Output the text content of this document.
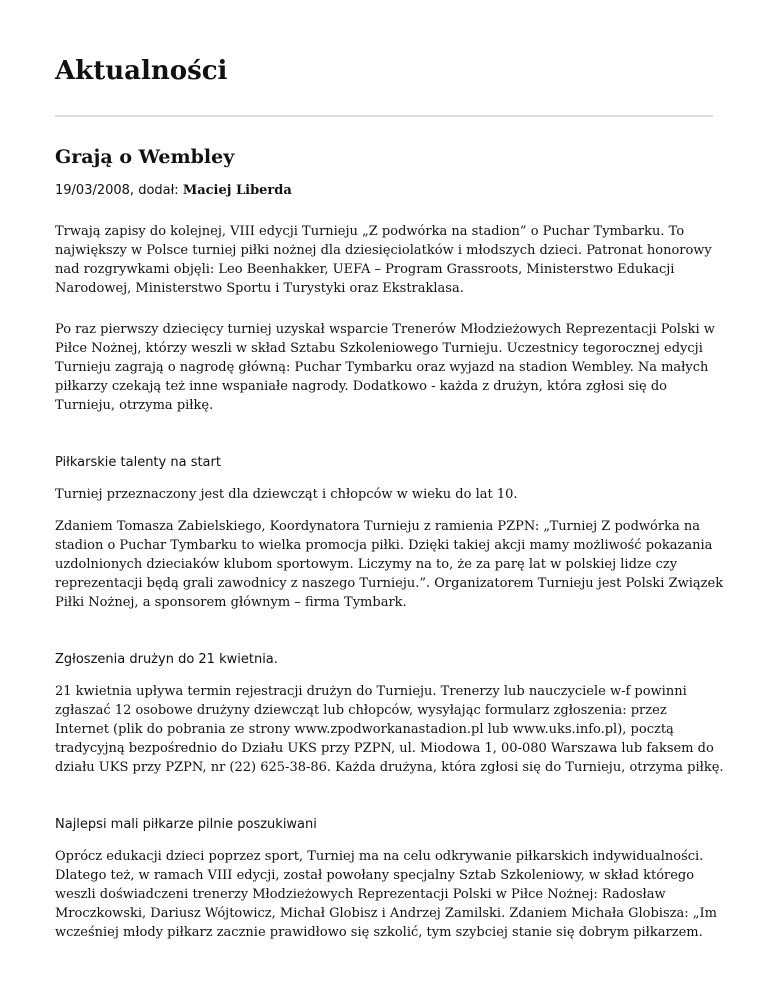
Aktualności
Grają o Wembley
19/03/2008, dodał: Maciej Liberda

Trwają zapisy do kolejnej, VIII edycji Turnieju „Z podwórka na stadion” o Puchar Tymbarku. To
największy w Polsce turniej piłki nożnej dla dziesięciolatków i młodszych dzieci. Patronat honorowy
nad rozgrywkami objęli: Leo Beenhakker, UEFA – Program Grassroots, Ministerstwo Edukacji
Narodowej, Ministerstwo Sportu i Turystyki oraz Ekstraklasa.

Po raz pierwszy dziecięcy turniej uzyskał wsparcie Trenerów Młodzieżowych Reprezentacji Polski w
Piłce Nożnej, którzy weszli w skład Sztabu Szkoleniowego Turnieju. Uczestnicy tegorocznej edycji
Turnieju zagrają o nagrodę główną: Puchar Tymbarku oraz wyjazd na stadion Wembley. Na małych
piłkarzy czekają też inne wspaniałe nagrody. Dodatkowo - każda z drużyn, która zgłosi się do
Turnieju, otrzyma piłkę.

Piłkarskie talenty na start

Turniej przeznaczony jest dla dziewcząt i chłopców w wieku do lat 10.

Zdaniem Tomasza Zabielskiego, Koordynatora Turnieju z ramienia PZPN: „Turniej Z podwórka na
stadion o Puchar Tymbarku to wielka promocja piłki. Dzięki takiej akcji mamy możliwość pokazania
uzdolnionych dzieciaków klubom sportowym. Liczymy na to, że za parę lat w polskiej lidze czy
reprezentacji będą grali zawodnicy z naszego Turnieju.”. Organizatorem Turnieju jest Polski Związek
Piłki Nożnej, a sponsorem głównym – firma Tymbark.

Zgłoszenia drużyn do 21 kwietnia.

21 kwietnia upływa termin rejestracji drużyn do Turnieju. Trenerzy lub nauczyciele w-f powinni
zgłaszać 12 osobowe drużyny dziewcząt lub chłopców, wysyłając formularz zgłoszenia: przez
Internet (plik do pobrania ze strony www.zpodworkanastadion.pl lub www.uks.info.pl), pocztą
tradycyjną bezpośrednio do Działu UKS przy PZPN, ul. Miodowa 1, 00-080 Warszawa lub faksem do
działu UKS przy PZPN, nr (22) 625-38-86. Każda drużyna, która zgłosi się do Turnieju, otrzyma piłkę.

Najlepsi mali piłkarze pilnie poszukiwani

Oprócz edukacji dzieci poprzez sport, Turniej ma na celu odkrywanie piłkarskich indywidualności.
Dlatego też, w ramach VIII edycji, został powołany specjalny Sztab Szkoleniowy, w skład którego
weszli doświadczeni trenerzy Młodzieżowych Reprezentacji Polski w Piłce Nożnej: Radosław
Mroczkowski, Dariusz Wójtowicz, Michał Globisz i Andrzej Zamilski. Zdaniem Michała Globisza: „Im
wcześniej młody piłkarz zacznie prawidłowo się szkolić, tym szybciej stanie się dobrym piłkarzem.
